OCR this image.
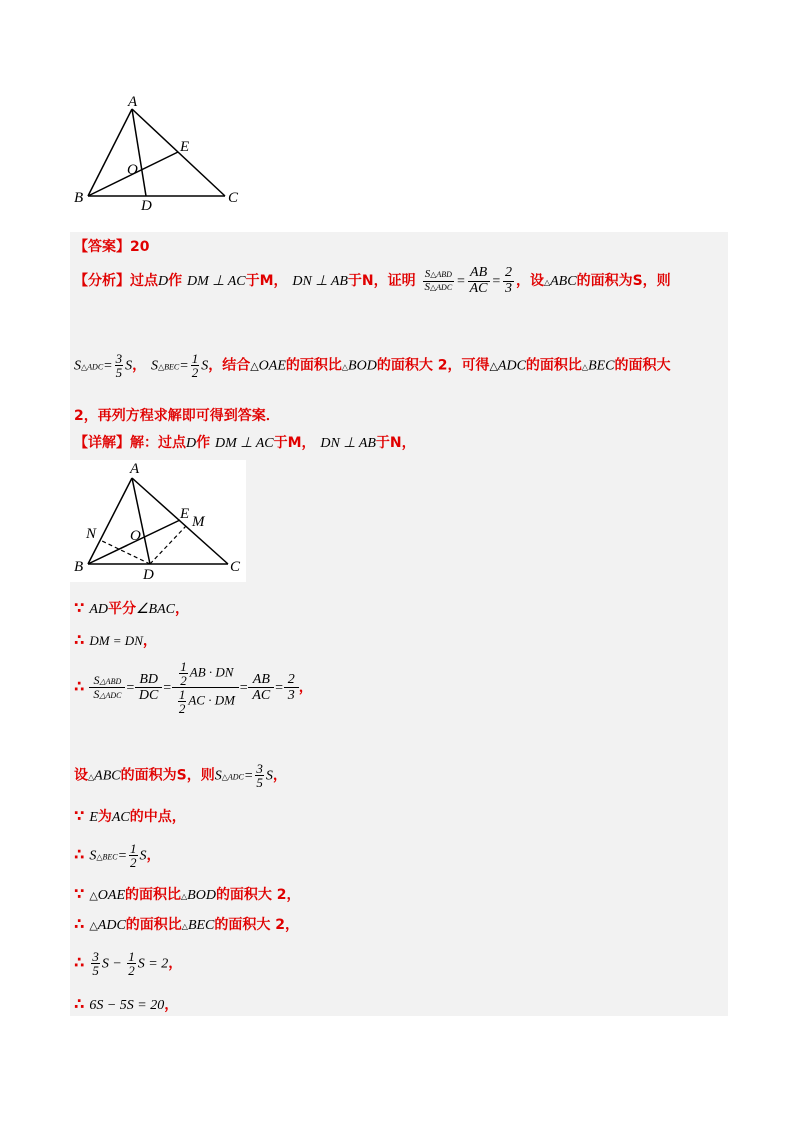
A
B	C
D
E
O
【答案】20
【分析】过点D作 DM ⊥ AC于M， DN ⊥ AB于N，证明 $\frac{\text{S△ABD}}{\text{S△ADC}} = \frac{AB}{AC} = \frac{2}{3}$ ，设△ABC的面积为S，则
S△ADC= $\frac{3}{5}$ S， S△BEC= $\frac{1}{2}$ S，结合△OAE的面积比△BOD的面积大 2，可得△ADC的面积比△BEC的面积大
2，再列方程求解即可得到答案．
【详解】解：过点D作 DM ⊥ AC于M， DN ⊥ AB于N，
A
B	C
D
E M
N O
∵ AD平分∠BAC，
∴ DM = DN，
∴ $\frac{\text{S△ABD}}{\text{S△ADC}} = \frac{BD}{DC} = \frac{\frac{1}{2} AB \cdot DN}{\frac{1}{2} AC \cdot DM} = \frac{AB}{AC} = \frac{2}{3}$ ，
设△ABC的面积为S，则S△ADC= $\frac{3}{5}$ S，
∵ E为AC的中点，
∴ S△BEC= $\frac{1}{2}$ S，
∵ △OAE的面积比△BOD的面积大 2，
∴ △ADC的面积比△BEC的面积大 2，
∴ $\frac{3}{5}$ $S - \frac{1}{2}$ S = 2，
∴ 6S − 5S = 20，
